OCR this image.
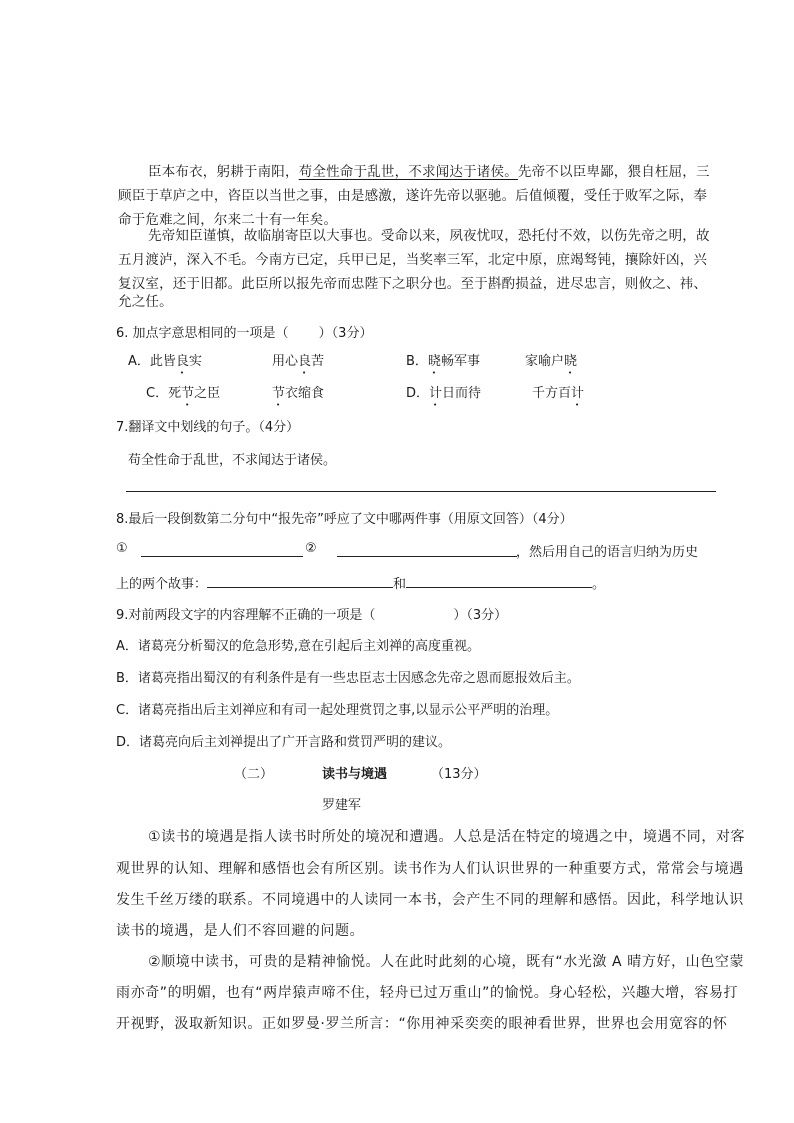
臣本布衣，躬耕于南阳，苟全性命于乱世，不求闻达于诸侯。先帝不以臣卑鄙，猥自枉屈，三
顾臣于草庐之中，咨臣以当世之事，由是感激，遂许先帝以驱驰。后值倾覆，受任于败军之际，奉
命于危难之间，尔来二十有一年矣。
先帝知臣谨慎，故临崩寄臣以大事也。受命以来，夙夜忧叹，恐托付不效，以伤先帝之明，故
五月渡泸，深入不毛。今南方已定，兵甲已足，当奖率三军，北定中原，庶竭驽钝，攘除奸凶，兴
复汉室，还于旧都。此臣所以报先帝而忠陛下之职分也。至于斟酌损益，进尽忠言，则攸之、祎、
允之任。
6. 加点字意思相同的一项是（　　 ）（3分）
A．此皆良实	用心良苦	B．晓畅军事	家喻户晓
C．死节之臣	节衣缩食	D．计日而待	千方百计
7.翻译文中划线的句子。（4分）
苟全性命于乱世，不求闻达于诸侯。
8.最后一段倒数第二分句中“报先帝”呼应了文中哪两件事（用原文回答）（4分）
①	②	，然后用自己的语言归纳为历史
上的两个故事：	和	。
9.对前两段文字的内容理解不正确的一项是（　　　　　　）（3分）
A．诸葛亮分析蜀汉的危急形势,意在引起后主刘禅的高度重视。
B．诸葛亮指出蜀汉的有利条件是有一些忠臣志士因感念先帝之恩而愿报效后主。
C．诸葛亮指出后主刘禅应和有司一起处理赏罚之事,以显示公平严明的治理。
D．诸葛亮向后主刘禅提出了广开言路和赏罚严明的建议。
（二）	读书与境遇	（13分）
罗建军
①读书的境遇是指人读书时所处的境况和遭遇。人总是活在特定的境遇之中，境遇不同，对客
观世界的认知、理解和感悟也会有所区别。读书作为人们认识世界的一种重要方式，常常会与境遇
发生千丝万缕的联系。不同境遇中的人读同一本书，会产生不同的理解和感悟。因此，科学地认识
读书的境遇，是人们不容回避的问题。
②顺境中读书，可贵的是精神愉悦。人在此时此刻的心境，既有“水光潋 A 晴方好，山色空蒙
雨亦奇”的明媚，也有“两岸猿声啼不住，轻舟已过万重山”的愉悦。身心轻松，兴趣大增，容易打
开视野，汲取新知识。正如罗曼·罗兰所言：“你用神采奕奕的眼神看世界，世界也会用宽容的怀
